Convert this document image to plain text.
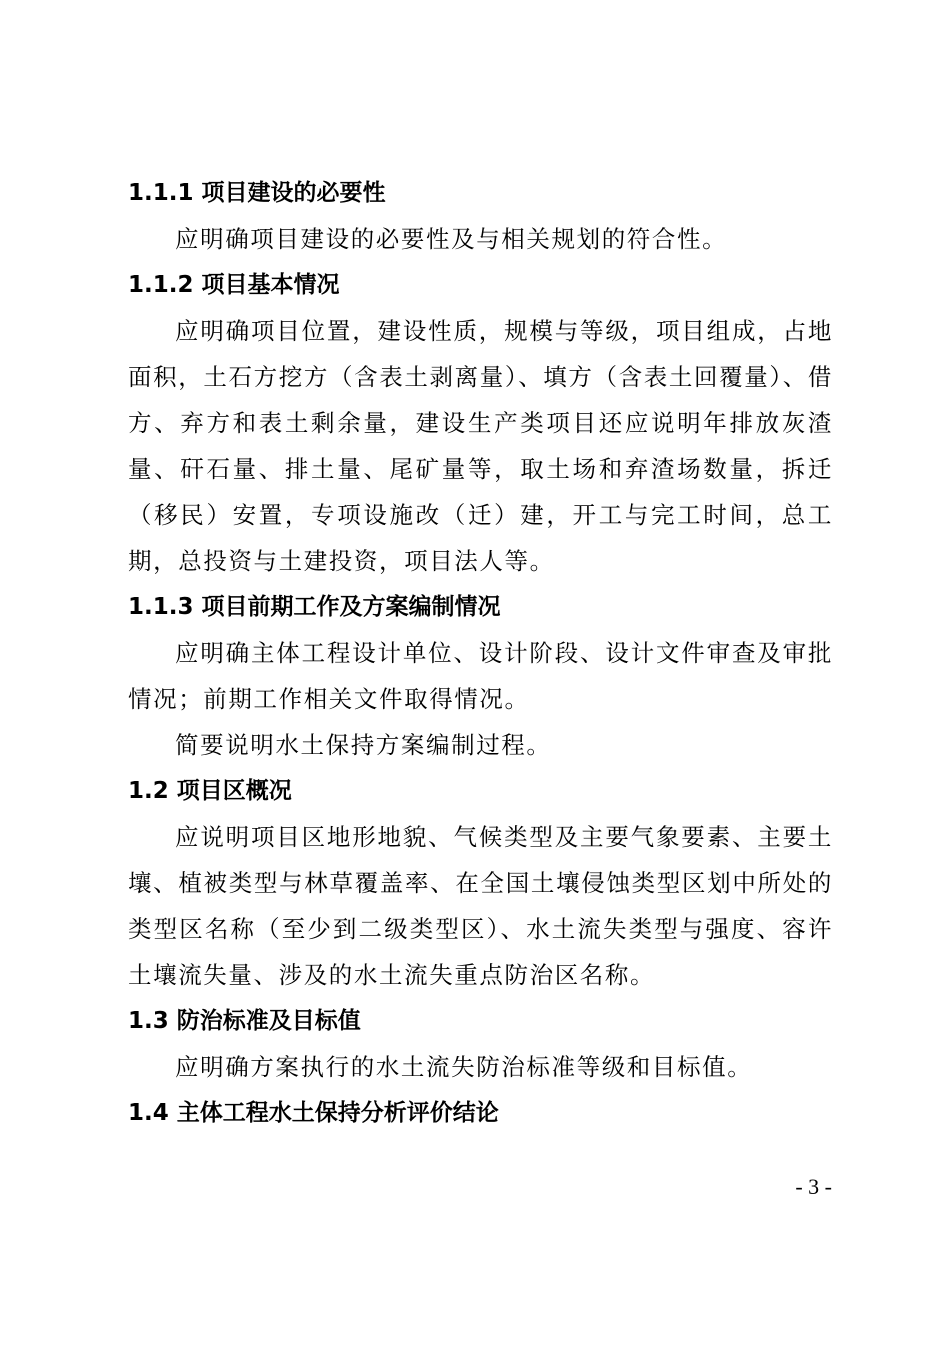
1.1.1 项目建设的必要性

应明确项目建设的必要性及与相关规划的符合性。

1.1.2 项目基本情况

应明确项目位置，建设性质，规模与等级，项目组成，占地面积，土石方挖方（含表土剥离量）、填方（含表土回覆量）、借方、弃方和表土剩余量，建设生产类项目还应说明年排放灰渣量、矸石量、排土量、尾矿量等，取土场和弃渣场数量，拆迁（移民）安置，专项设施改（迁）建，开工与完工时间，总工期，总投资与土建投资，项目法人等。

1.1.3 项目前期工作及方案编制情况

应明确主体工程设计单位、设计阶段、设计文件审查及审批情况；前期工作相关文件取得情况。

简要说明水土保持方案编制过程。

1.2 项目区概况

应说明项目区地形地貌、气候类型及主要气象要素、主要土壤、植被类型与林草覆盖率、在全国土壤侵蚀类型区划中所处的类型区名称（至少到二级类型区）、水土流失类型与强度、容许土壤流失量、涉及的水土流失重点防治区名称。

1.3 防治标准及目标值

应明确方案执行的水土流失防治标准等级和目标值。

1.4 主体工程水土保持分析评价结论
- 3 -
